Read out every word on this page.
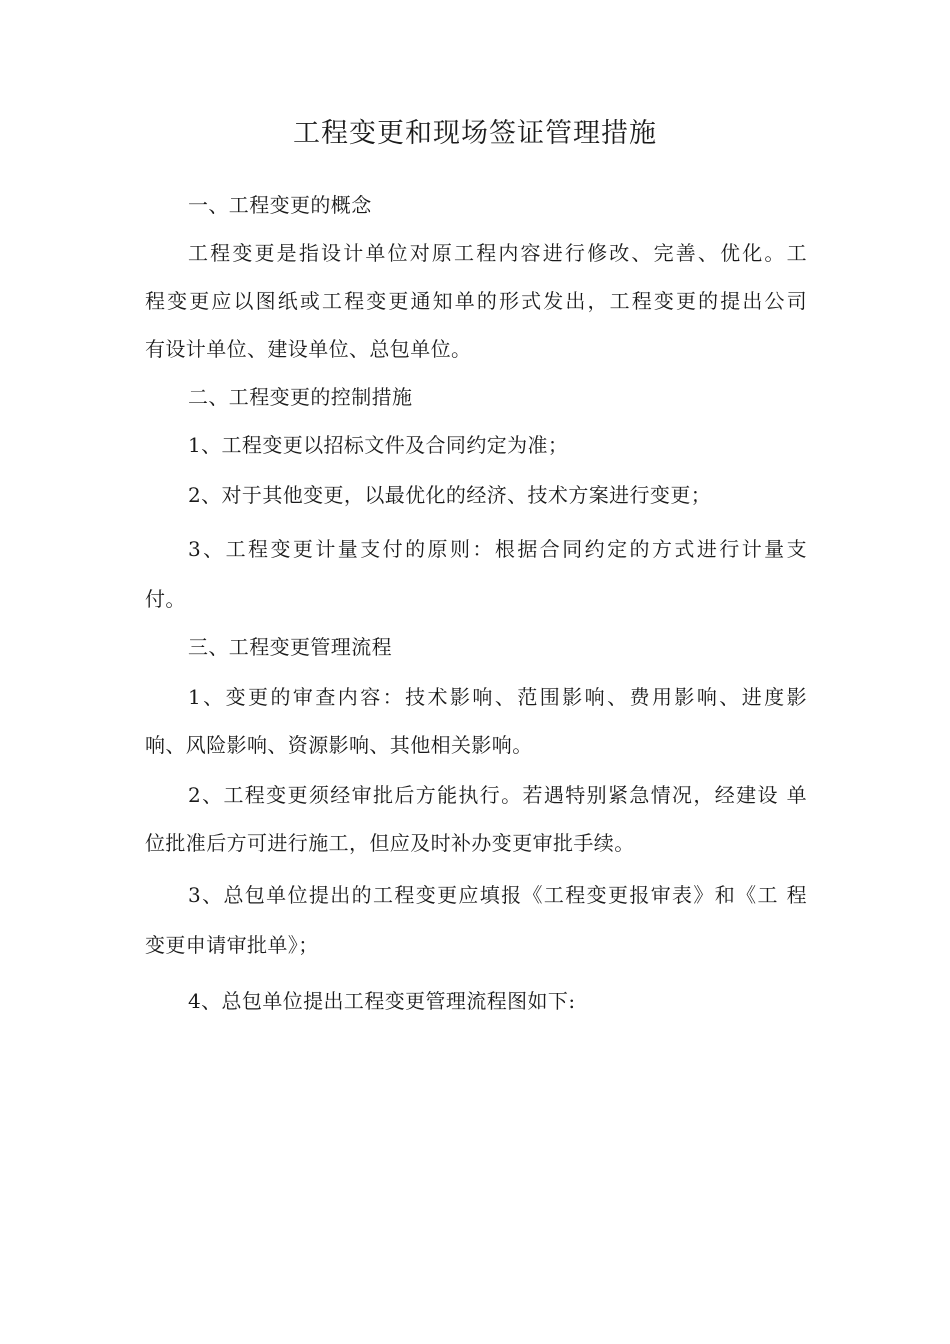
工程变更和现场签证管理措施
一、工程变更的概念
工程变更是指设计单位对原工程内容进行修改、完善、优化。工
程变更应以图纸或工程变更通知单的形式发出，工程变更的提出公司
有设计单位、建设单位、总包单位。
二、工程变更的控制措施
1、工程变更以招标文件及合同约定为准；
2、对于其他变更，以最优化的经济、技术方案进行变更；
3、工程变更计量支付的原则：根据合同约定的方式进行计量支
付。
三、工程变更管理流程
1、变更的审查内容：技术影响、范围影响、费用影响、进度影
响、风险影响、资源影响、其他相关影响。
2、工程变更须经审批后方能执行。若遇特别紧急情况，经建设 单
位批准后方可进行施工，但应及时补办变更审批手续。
3、总包单位提出的工程变更应填报《工程变更报审表》和《工 程
变更申请审批单》；
4、总包单位提出工程变更管理流程图如下:
